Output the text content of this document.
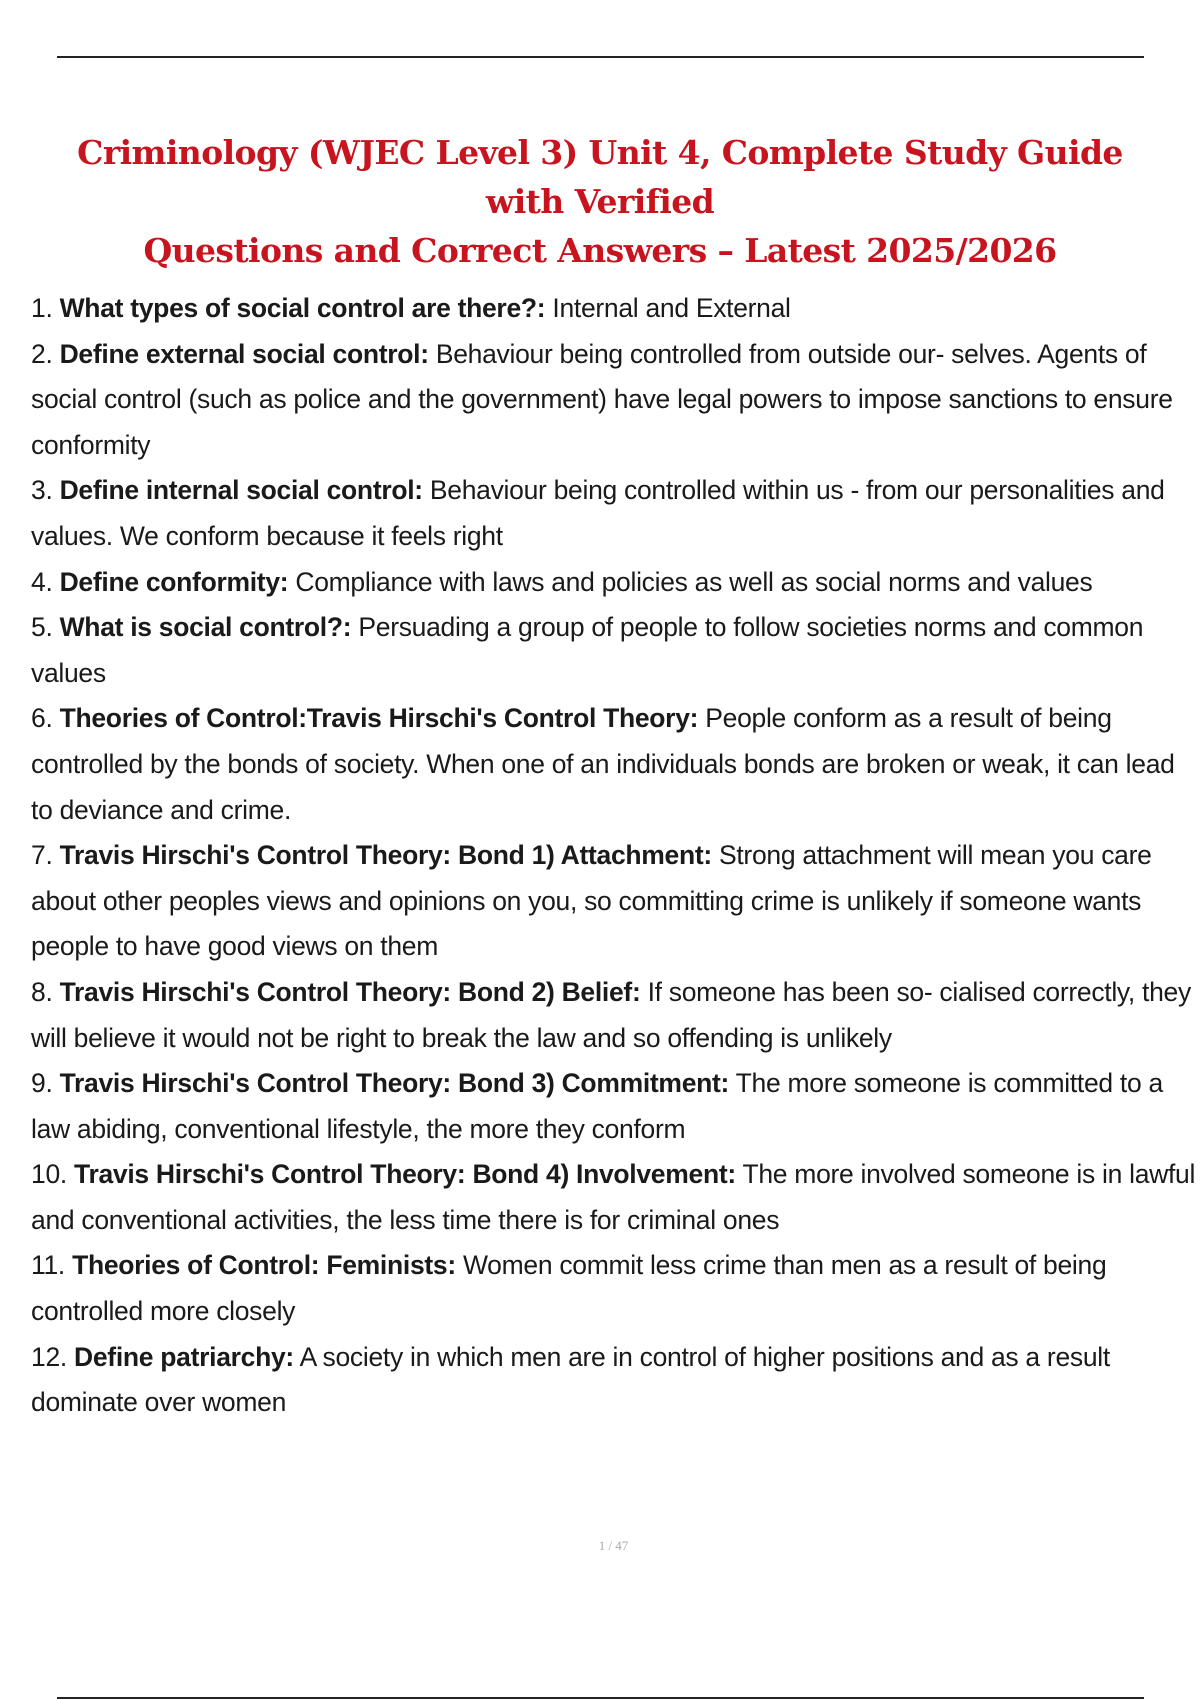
Criminology (WJEC Level 3) Unit 4, Complete Study Guide with Verified
Questions and Correct Answers – Latest 2025/2026
1. What types of social control are there?: Internal and External
2. Define external social control: Behaviour being controlled from outside our- selves. Agents of social control (such as police and the government) have legal powers to impose sanctions to ensure conformity
3. Define internal social control: Behaviour being controlled within us - from our personalities and values. We conform because it feels right
4. Define conformity: Compliance with laws and policies as well as social norms and values
5. What is social control?: Persuading a group of people to follow societies norms and common values
6. Theories of Control:Travis Hirschi's Control Theory: People conform as a result of being controlled by the bonds of society. When one of an individuals bonds are broken or weak, it can lead to deviance and crime.
7. Travis Hirschi's Control Theory: Bond 1) Attachment: Strong attachment will mean you care about other peoples views and opinions on you, so committing crime is unlikely if someone wants people to have good views on them
8. Travis Hirschi's Control Theory: Bond 2) Belief: If someone has been so- cialised correctly, they will believe it would not be right to break the law and so offending is unlikely
9. Travis Hirschi's Control Theory: Bond 3) Commitment: The more someone is committed to a law abiding, conventional lifestyle, the more they conform
10. Travis Hirschi's Control Theory: Bond 4) Involvement: The more involved someone is in lawful and conventional activities, the less time there is for criminal ones
11. Theories of Control: Feminists: Women commit less crime than men as a result of being controlled more closely
12. Define patriarchy: A society in which men are in control of higher positions and as a result dominate over women
1 / 47
